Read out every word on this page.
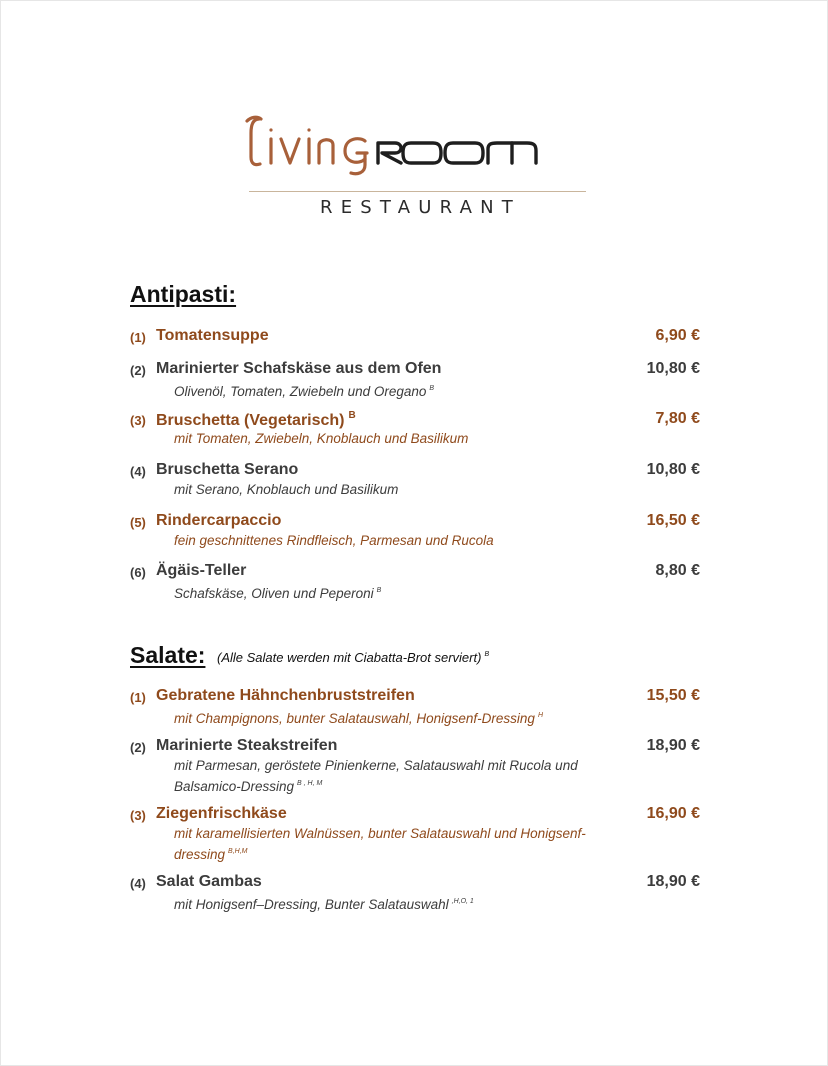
RESTAURANT
Antipasti:
(1) Tomatensuppe	6,90 €
(2) Marinierter Schafskäse aus dem Ofen	10,80 €
Olivenöl, Tomaten, Zwiebeln und Oregano $^B$
(3) Bruschetta (Vegetarisch) $^B$	7,80 €
mit Tomaten, Zwiebeln, Knoblauch und Basilikum
(4) Bruschetta Serano	10,80 €
mit Serano, Knoblauch und Basilikum
(5) Rindercarpaccio	16,50 €
fein geschnittenes Rindfleisch, Parmesan und Rucola
(6) Ägäis-Teller	8,80 €
Schafskäse, Oliven und Peperoni $^B$
Salate: (Alle Salate werden mit Ciabatta-Brot serviert) $^B$
(1) Gebratene Hähnchenbruststreifen	15,50 €
mit Champignons, bunter Salatauswahl, Honigsenf-Dressing $^H$
(2) Marinierte Steakstreifen	18,90 €
mit Parmesan, geröstete Pinienkerne, Salatauswahl mit Rucola und Balsamico-Dressing $^{B , H, M}$
(3) Ziegenfrischkäse	16,90 €
mit karamellisierten Walnüssen, bunter Salatauswahl und Honigsenf-dressing $^{B,H,M}$
(4) Salat Gambas	18,90 €
mit Honigsenf–Dressing, Bunter Salatauswahl $^{,H,O, 1}$
